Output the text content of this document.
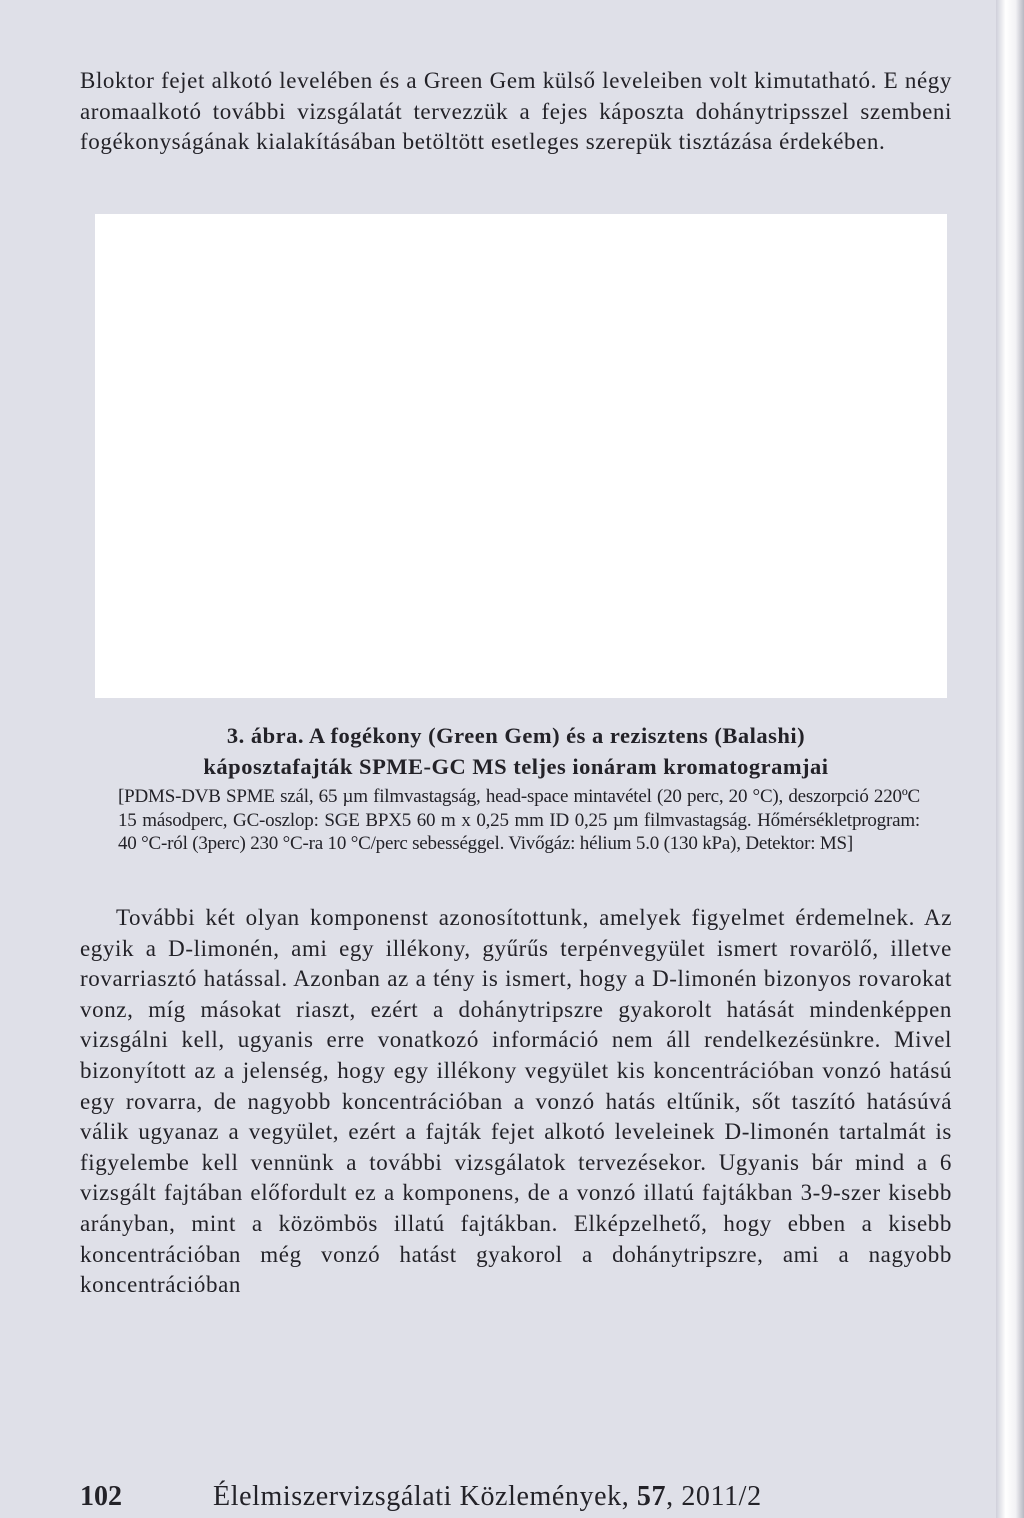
Bloktor fejet alkotó levelében és a Green Gem külső leveleiben volt kimutatható. E négy aromaalkotó további vizsgálatát tervezzük a fejes káposzta dohánytripsszel szembeni fogékonyságának kialakításában betöltött esetleges szerepük tisztázása érdekében.

3. ábra. A fogékony (Green Gem) és a rezisztens (Balashi)
káposztafajták SPME-GC MS teljes ionáram kromatogramjai

[PDMS-DVB SPME szál, 65 µm filmvastagság, head-space mintavétel (20 perc, 20 °C), deszorpció 220ºC 15 másodperc, GC-oszlop: SGE BPX5 60 m x 0,25 mm ID 0,25 µm filmvastagság. Hőmérsékletprogram: 40 °C-ról (3perc) 230 °C-ra 10 °C/perc sebességgel. Vivőgáz: hélium 5.0 (130 kPa), Detektor: MS]

További két olyan komponenst azonosítottunk, amelyek figyelmet érdemelnek. Az egyik a D-limonén, ami egy illékony, gyűrűs terpénvegyület ismert rovarölő, illetve rovarriasztó hatással. Azonban az a tény is ismert, hogy a D-limonén bizonyos rovarokat vonz, míg másokat riaszt, ezért a dohánytripszre gyakorolt hatását mindenképpen vizsgálni kell, ugyanis erre vonatkozó információ nem áll rendelkezésünkre. Mivel bizonyított az a jelenség, hogy egy illékony vegyület kis koncentrációban vonzó hatású egy rovarra, de nagyobb koncentrációban a vonzó hatás eltűnik, sőt taszító hatásúvá válik ugyanaz a vegyület, ezért a fajták fejet alkotó leveleinek D-limonén tartalmát is figyelembe kell vennünk a további vizsgálatok tervezésekor. Ugyanis bár mind a 6 vizsgált fajtában előfordult ez a komponens, de a vonzó illatú fajtákban 3-9-szer kisebb arányban, mint a közömbös illatú fajtákban. Elképzelhető, hogy ebben a kisebb koncentrációban még vonzó hatást gyakorol a dohánytripszre, ami a nagyobb koncentrációban

102	Élelmiszervizsgálati Közlemények, 57, 2011/2
